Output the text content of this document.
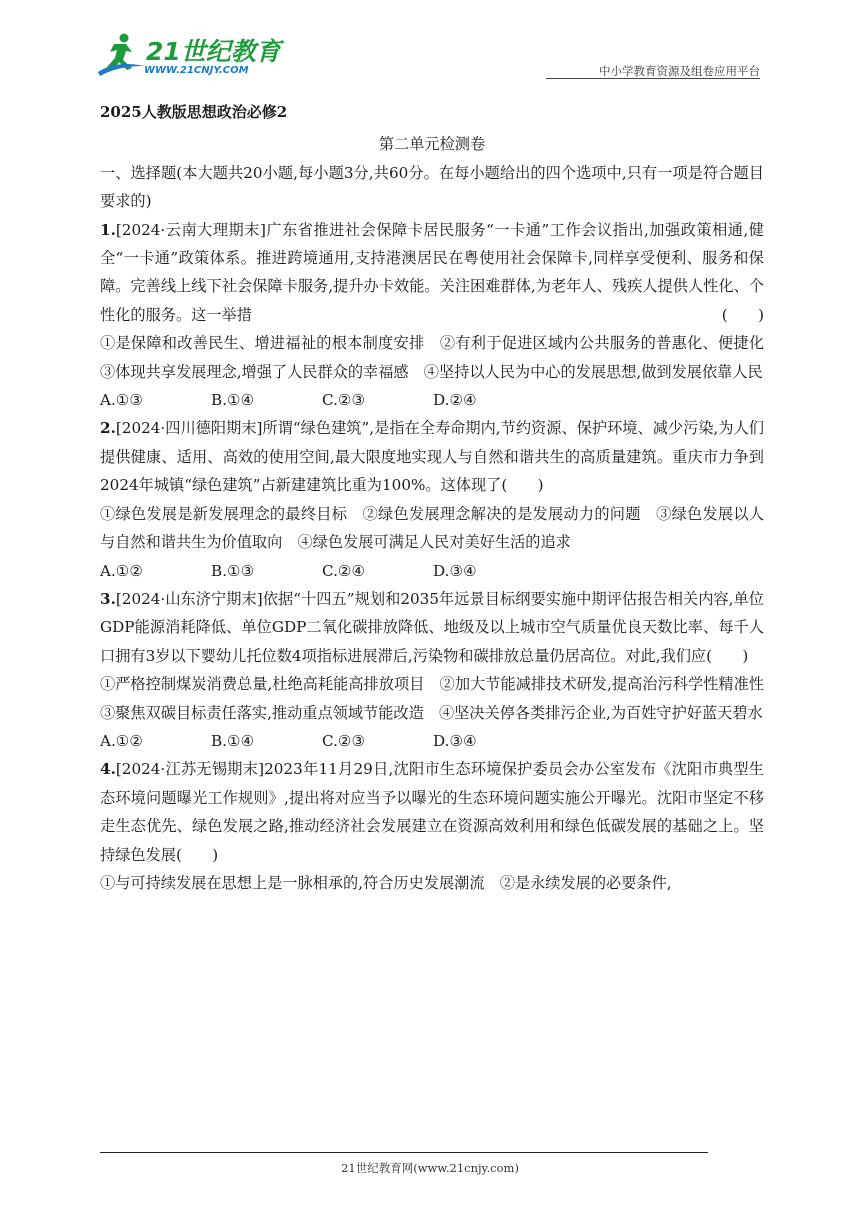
21世纪教育
WWW.21CNJY.COM	中小学教育资源及组卷应用平台

2025人教版思想政治必修2

第二单元检测卷

一、选择题(本大题共20小题,每小题3分,共60分。在每小题给出的四个选项中,只有一项是符合题目要求的)

1.[2024·云南大理期末]广东省推进社会保障卡居民服务“一卡通”工作会议指出,加强政策相通,健全“一卡通”政策体系。推进跨境通用,支持港澳居民在粤使用社会保障卡,同样享受便利、服务和保障。完善线上线下社会保障卡服务,提升办卡效能。关注困难群体,为老年人、残疾人提供人性化、个性化的服务。这一举措	(　　)

①是保障和改善民生、增进福祉的根本制度安排　②有利于促进区域内公共服务的普惠化、便捷化　③体现共享发展理念,增强了人民群众的幸福感　④坚持以人民为中心的发展思想,做到发展依靠人民

A.①③	B.①④	C.②③	D.②④

2.[2024·四川德阳期末]所谓“绿色建筑”,是指在全寿命期内,节约资源、保护环境、减少污染,为人们提供健康、适用、高效的使用空间,最大限度地实现人与自然和谐共生的高质量建筑。重庆市力争到2024年城镇“绿色建筑”占新建建筑比重为100%。这体现了(　　)

①绿色发展是新发展理念的最终目标　②绿色发展理念解决的是发展动力的问题　③绿色发展以人与自然和谐共生为价值取向　④绿色发展可满足人民对美好生活的追求

A.①②	B.①③	C.②④	D.③④

3.[2024·山东济宁期末]依据“十四五”规划和2035年远景目标纲要实施中期评估报告相关内容,单位GDP能源消耗降低、单位GDP二氧化碳排放降低、地级及以上城市空气质量优良天数比率、每千人口拥有3岁以下婴幼儿托位数4项指标进展滞后,污染物和碳排放总量仍居高位。对此,我们应(　　)

①严格控制煤炭消费总量,杜绝高耗能高排放项目　②加大节能减排技术研发,提高治污科学性精准性　③聚焦双碳目标责任落实,推动重点领域节能改造　④坚决关停各类排污企业,为百姓守护好蓝天碧水

A.①②	B.①④	C.②③	D.③④

4.[2024·江苏无锡期末]2023年11月29日,沈阳市生态环境保护委员会办公室发布《沈阳市典型生态环境问题曝光工作规则》,提出将对应当予以曝光的生态环境问题实施公开曝光。沈阳市坚定不移走生态优先、绿色发展之路,推动经济社会发展建立在资源高效利用和绿色低碳发展的基础之上。坚持绿色发展(　　)

①与可持续发展在思想上是一脉相承的,符合历史发展潮流　②是永续发展的必要条件,

21世纪教育网(www.21cnjy.com)
